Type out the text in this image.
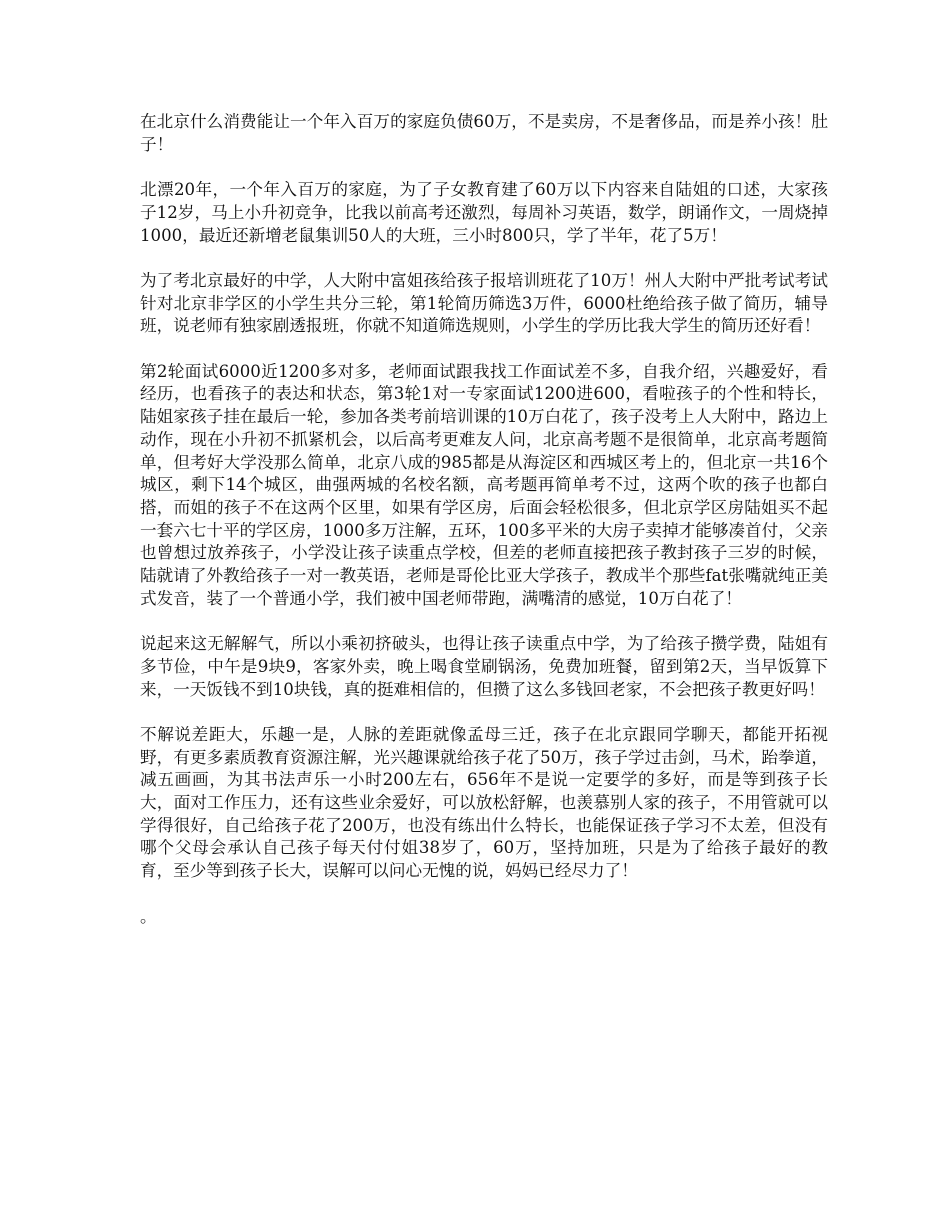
在北京什么消费能让一个年入百万的家庭负债60万，不是卖房，不是奢侈品，而是养小孩！肚子！

北漂20年，一个年入百万的家庭，为了子女教育建了60万以下内容来自陆姐的口述，大家孩子12岁，马上小升初竞争，比我以前高考还激烈，每周补习英语，数学，朗诵作文，一周烧掉1000，最近还新增老鼠集训50人的大班，三小时800只，学了半年，花了5万！

为了考北京最好的中学，人大附中富姐孩给孩子报培训班花了10万！州人大附中严批考试考试针对北京非学区的小学生共分三轮，第1轮简历筛选3万件，6000杜绝给孩子做了简历，辅导班，说老师有独家剧透报班，你就不知道筛选规则，小学生的学历比我大学生的简历还好看！

第2轮面试6000近1200多对多，老师面试跟我找工作面试差不多，自我介绍，兴趣爱好，看经历，也看孩子的表达和状态，第3轮1对一专家面试1200进600，看啦孩子的个性和特长，陆姐家孩子挂在最后一轮，参加各类考前培训课的10万白花了，孩子没考上人大附中，路边上动作，现在小升初不抓紧机会，以后高考更难友人问，北京高考题不是很简单，北京高考题简单，但考好大学没那么简单，北京八成的985都是从海淀区和西城区考上的，但北京一共16个城区，剩下14个城区，曲强两城的名校名额，高考题再简单考不过，这两个吹的孩子也都白搭，而姐的孩子不在这两个区里，如果有学区房，后面会轻松很多，但北京学区房陆姐买不起一套六七十平的学区房，1000多万注解，五环，100多平米的大房子卖掉才能够凑首付，父亲也曾想过放养孩子，小学没让孩子读重点学校，但差的老师直接把孩子教封孩子三岁的时候，陆就请了外教给孩子一对一教英语，老师是哥伦比亚大学孩子，教成半个那些fat张嘴就纯正美式发音，装了一个普通小学，我们被中国老师带跑，满嘴清的感觉，10万白花了！

说起来这无解解气，所以小乘初挤破头，也得让孩子读重点中学，为了给孩子攒学费，陆姐有多节俭，中午是9块9，客家外卖，晚上喝食堂刷锅汤，免费加班餐，留到第2天，当早饭算下来，一天饭钱不到10块钱，真的挺难相信的，但攒了这么多钱回老家，不会把孩子教更好吗！

不解说差距大，乐趣一是，人脉的差距就像孟母三迁，孩子在北京跟同学聊天，都能开拓视野，有更多素质教育资源注解，光兴趣课就给孩子花了50万，孩子学过击剑，马术，跆拳道，减五画画，为其书法声乐一小时200左右，656年不是说一定要学的多好，而是等到孩子长大，面对工作压力，还有这些业余爱好，可以放松舒解，也羡慕别人家的孩子，不用管就可以学得很好，自己给孩子花了200万，也没有练出什么特长，也能保证孩子学习不太差，但没有哪个父母会承认自己孩子每天付付姐38岁了，60万，坚持加班，只是为了给孩子最好的教育，至少等到孩子长大，误解可以问心无愧的说，妈妈已经尽力了！

。
